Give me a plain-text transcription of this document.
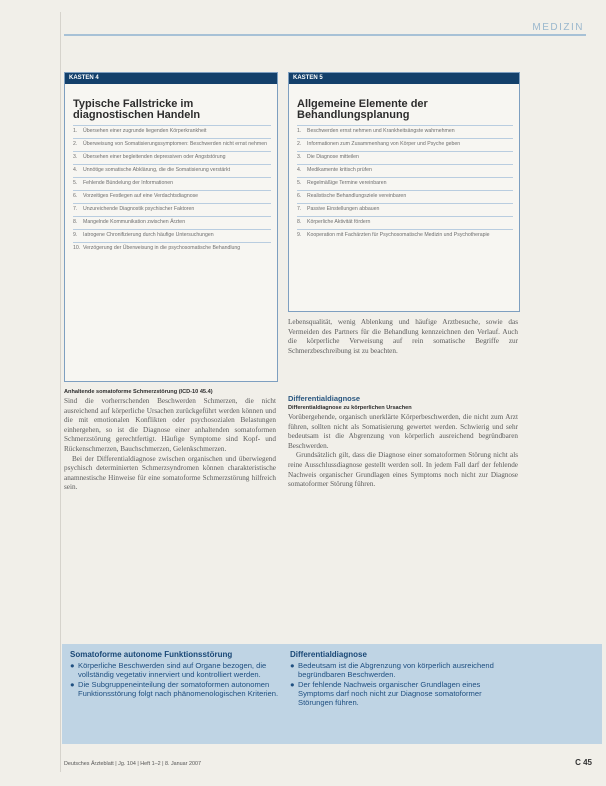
MEDIZIN
KASTEN 4
Typische Fallstricke im diagnostischen Handeln
1.	Übersehen einer zugrunde liegenden Körperkrankheit
2.	Überweisung von Somatisierungssymptomen: Beschwerden nicht ernst nehmen
3.	Übersehen einer begleitenden depressiven oder Angststörung
4.	Unnötige somatische Abklärung, die die Somatisierung verstärkt
5.	Fehlende Bündelung der Informationen
6.	Vorzeitiges Festlegen auf eine Verdachtsdiagnose
7.	Unzureichende Diagnostik psychischer Faktoren
8.	Mangelnde Kommunikation zwischen Ärzten
9.	Iatrogene Chronifizierung durch häufige Untersuchungen
10. Verzögerung der Überweisung in die psychosomatische Behandlung
KASTEN 5
Allgemeine Elemente der Behandlungsplanung
1.	Beschwerden ernst nehmen und Krankheitsängste wahrnehmen
2.	Informationen zum Zusammenhang von Körper und Psyche geben
3.	Die Diagnose mitteilen
4.	Medikamente kritisch prüfen
5.	Regelmäßige Termine vereinbaren
6.	Realistische Behandlungsziele vereinbaren
7.	Passive Einstellungen abbauen
8.	Körperliche Aktivität fördern
9.	Kooperation mit Fachärzten für Psychosomatische Medizin und Psychotherapie

Lebensqualität, wenig Ablenkung und häufige Arztbesuche, sowie das Vermeiden des Partners für die Behandlung kennzeichnen den Verlauf. Auch die körperliche Verweisung auf rein somatische Begriffe zur Schmerzbeschreibung ist zu beachten.

Anhaltende somatoforme Schmerzstörung (ICD-10 45.4)

Sind die vorherrschenden Beschwerden Schmerzen, die nicht ausreichend auf körperliche Ursachen zurückgeführt werden können und die mit emotionalen Konflikten oder psychosozialen Belastungen einhergehen, so ist die Diagnose einer anhaltenden somatoformen Schmerzstörung gerechtfertigt. Häufige Symptome sind Kopf- und Rückenschmerzen, Bauchschmerzen, Gelenkschmerzen.

Bei der Differentialdiagnose zwischen organischen und überwiegend psychisch determinierten Schmerzsyndromen können charakteristische anamnestische Hinweise für eine somatoforme Schmerzstörung hilfreich sein.

Differentialdiagnose
Differentialdiagnose zu körperlichen Ursachen

Vorübergehende, organisch unerklärte Körperbeschwerden, die nicht zum Arzt führen, sollten nicht als Somatisierung gewertet werden. Schwierig und sehr bedeutsam ist die Abgrenzung von körperlich ausreichend begründbaren Beschwerden.

Grundsätzlich gilt, dass die Diagnose einer somatoformen Störung nicht als reine Ausschlussdiagnose gestellt werden soll. In jedem Fall darf der fehlende Nachweis organischer Grundlagen eines Symptoms noch nicht zur Diagnose somatoformer Störung führen.

Somatoforme autonome Funktionsstörung
● Körperliche Beschwerden sind auf Organe bezogen, die vollständig vegetativ innerviert und kontrolliert werden.
● Die Subgruppeneinteilung der somatoformen autonomen Funktionsstörung folgt nach phänomenologischen Kriterien.
Differentialdiagnose
● Bedeutsam ist die Abgrenzung von körperlich ausreichend begründbaren Beschwerden.
● Der fehlende Nachweis organischer Grundlagen eines Symptoms darf noch nicht zur Diagnose somatoformer Störungen führen.
Deutsches Ärzteblatt | Jg. 104 | Heft 1–2 | 8. Januar 2007	C 45
